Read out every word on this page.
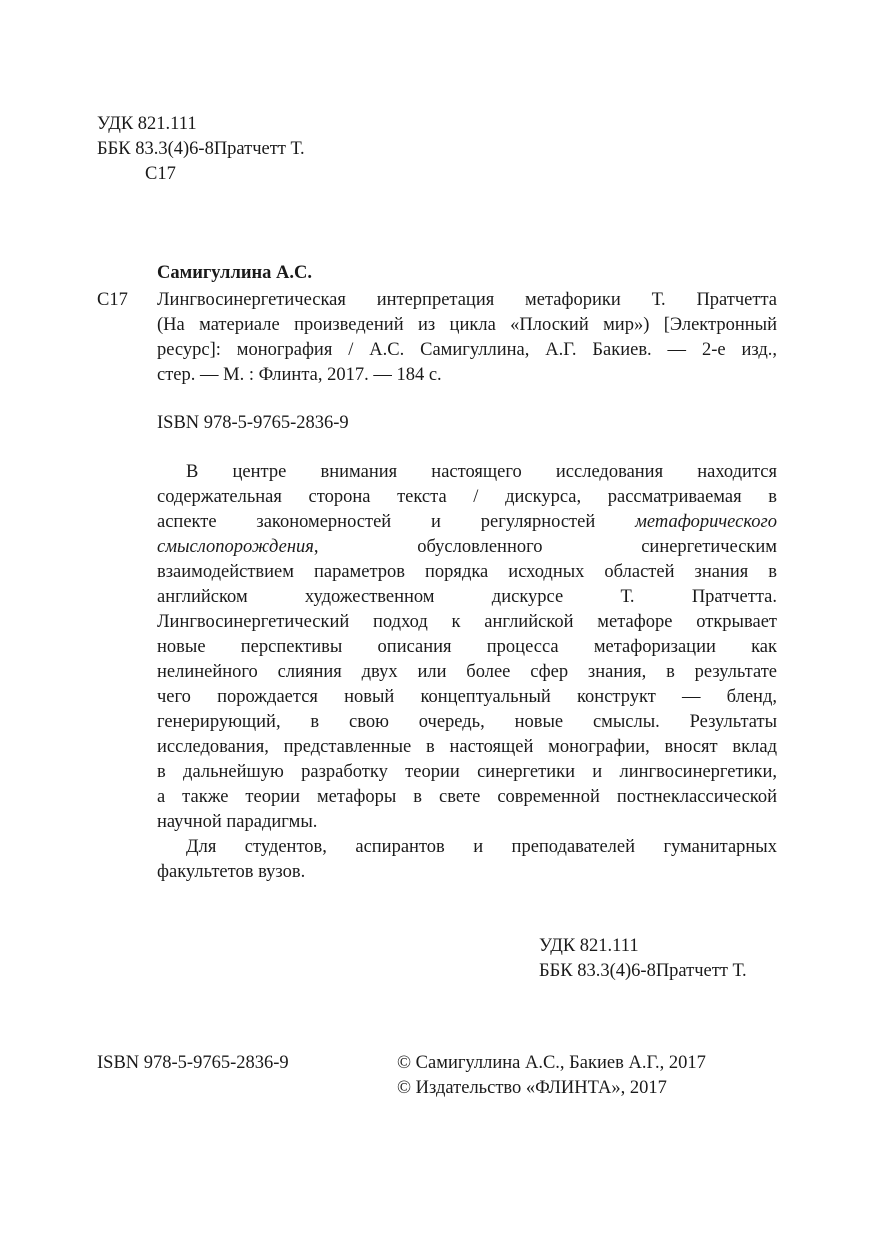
УДК 821.111
ББК 83.3(4)6-8Пратчетт Т.
С17
Самигуллина А.С.
С17 Лингвосинергетическая интерпретация метафорики Т. Пратчетта
(На материале произведений из цикла «Плоский мир») [Электронный
ресурс]: монография / А.С. Самигуллина, А.Г. Бакиев. — 2-е изд.,
стер. — М. : Флинта, 2017. — 184 с.
ISBN 978-5-9765-2836-9
В центре внимания настоящего исследования находится
содержательная сторона текста / дискурса, рассматриваемая в
аспекте закономерностей и регулярностей метафорического
смыслопорождения, обусловленного синергетическим
взаимодействием параметров порядка исходных областей знания в
английском художественном дискурсе Т. Пратчетта.
Лингвосинергетический подход к английской метафоре открывает
новые перспективы описания процесса метафоризации как
нелинейного слияния двух или более сфер знания, в результате
чего порождается новый концептуальный конструкт — бленд,
генерирующий, в свою очередь, новые смыслы. Результаты
исследования, представленные в настоящей монографии, вносят вклад
в дальнейшую разработку теории синергетики и лингвосинергетики,
а также теории метафоры в свете современной постнеклассической
научной парадигмы.
Для студентов, аспирантов и преподавателей гуманитарных
факультетов вузов.
УДК 821.111
ББК 83.3(4)6-8Пратчетт Т.
ISBN 978-5-9765-2836-9	© Самигуллина А.С., Бакиев А.Г., 2017
© Издательство «ФЛИНТА», 2017
